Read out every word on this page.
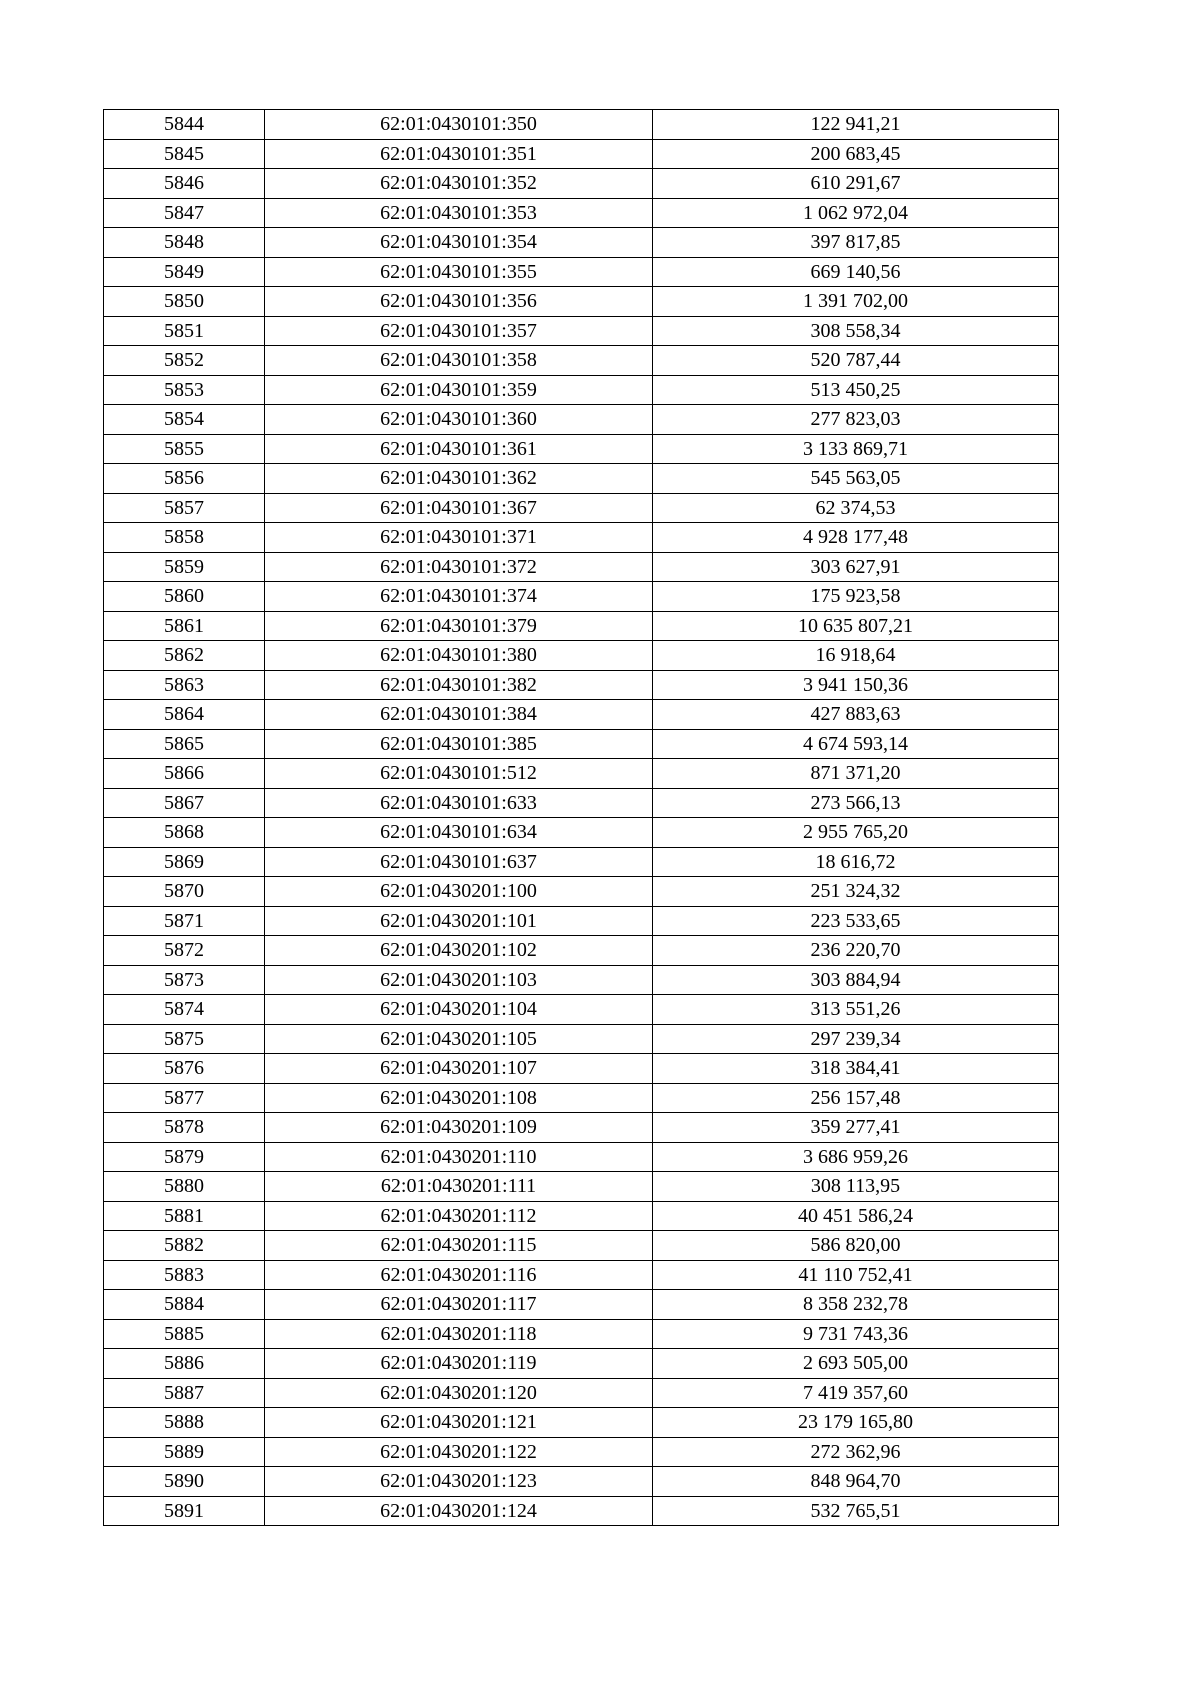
5844	62:01:0430101:350	122 941,21
5845	62:01:0430101:351	200 683,45
5846	62:01:0430101:352	610 291,67
5847	62:01:0430101:353	1 062 972,04
5848	62:01:0430101:354	397 817,85
5849	62:01:0430101:355	669 140,56
5850	62:01:0430101:356	1 391 702,00
5851	62:01:0430101:357	308 558,34
5852	62:01:0430101:358	520 787,44
5853	62:01:0430101:359	513 450,25
5854	62:01:0430101:360	277 823,03
5855	62:01:0430101:361	3 133 869,71
5856	62:01:0430101:362	545 563,05
5857	62:01:0430101:367	62 374,53
5858	62:01:0430101:371	4 928 177,48
5859	62:01:0430101:372	303 627,91
5860	62:01:0430101:374	175 923,58
5861	62:01:0430101:379	10 635 807,21
5862	62:01:0430101:380	16 918,64
5863	62:01:0430101:382	3 941 150,36
5864	62:01:0430101:384	427 883,63
5865	62:01:0430101:385	4 674 593,14
5866	62:01:0430101:512	871 371,20
5867	62:01:0430101:633	273 566,13
5868	62:01:0430101:634	2 955 765,20
5869	62:01:0430101:637	18 616,72
5870	62:01:0430201:100	251 324,32
5871	62:01:0430201:101	223 533,65
5872	62:01:0430201:102	236 220,70
5873	62:01:0430201:103	303 884,94
5874	62:01:0430201:104	313 551,26
5875	62:01:0430201:105	297 239,34
5876	62:01:0430201:107	318 384,41
5877	62:01:0430201:108	256 157,48
5878	62:01:0430201:109	359 277,41
5879	62:01:0430201:110	3 686 959,26
5880	62:01:0430201:111	308 113,95
5881	62:01:0430201:112	40 451 586,24
5882	62:01:0430201:115	586 820,00
5883	62:01:0430201:116	41 110 752,41
5884	62:01:0430201:117	8 358 232,78
5885	62:01:0430201:118	9 731 743,36
5886	62:01:0430201:119	2 693 505,00
5887	62:01:0430201:120	7 419 357,60
5888	62:01:0430201:121	23 179 165,80
5889	62:01:0430201:122	272 362,96
5890	62:01:0430201:123	848 964,70
5891	62:01:0430201:124	532 765,51
